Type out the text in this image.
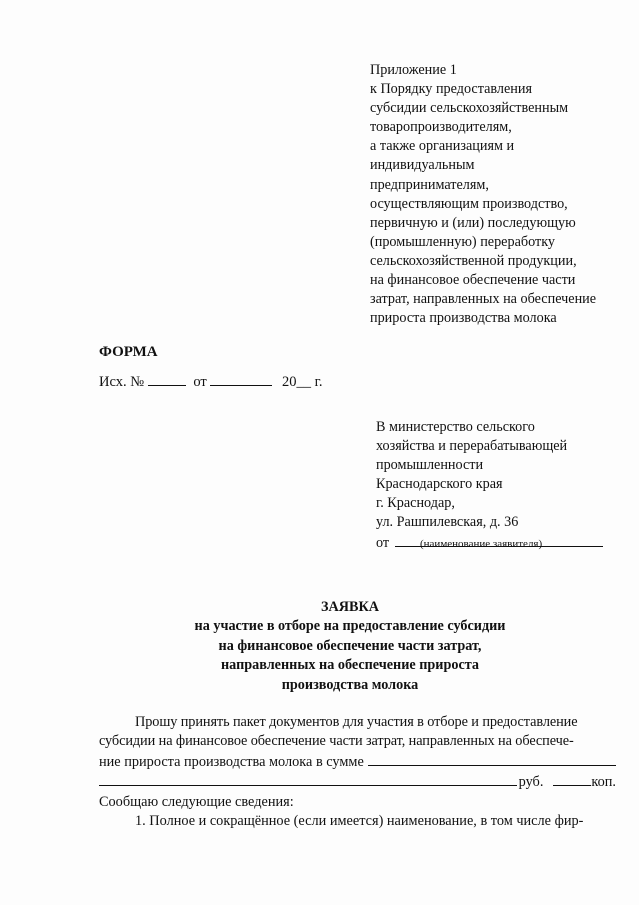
Приложение 1
к Порядку предоставления
субсидии сельскохозяйственным
товаропроизводителям,
а также организациям и
индивидуальным
предпринимателям,
осуществляющим производство,
первичную и (или) последующую
(промышленную) переработку
сельскохозяйственной продукции,
на финансовое обеспечение части
затрат, направленных на обеспечение
прироста производства молока
ФОРМА
Исх. №	от	20__ г.
В министерство сельского
хозяйства и перерабатывающей
промышленности
Краснодарского края
г. Краснодар,
ул. Рашпилевская, д. 36
от	(наименование заявителя)
ЗАЯВКА
на участие в отборе на предоставление субсидии
на финансовое обеспечение части затрат,
направленных на обеспечение прироста
производства молока
Прошу принять пакет документов для участия в отборе и предоставление
субсидии на финансовое обеспечение части затрат, направленных на обеспече-
ние прироста производства молока в сумме
руб.	коп.
Сообщаю следующие сведения:
1. Полное и сокращённое (если имеется) наименование, в том числе фир-
